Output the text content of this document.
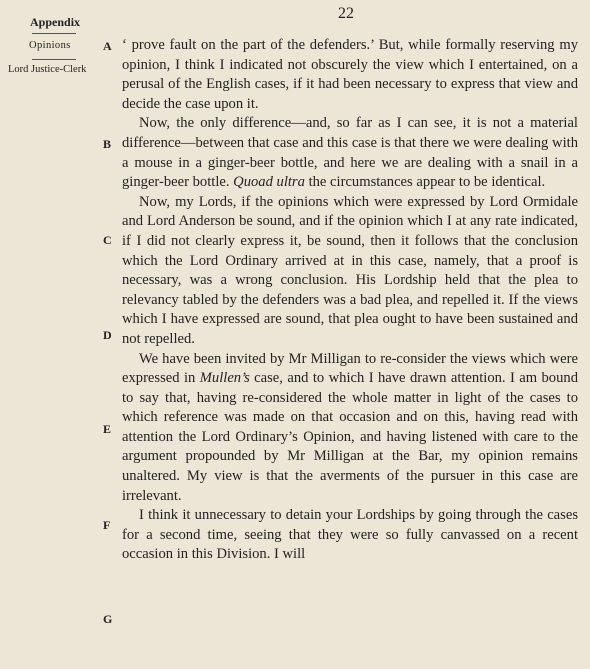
Appendix	22
Opinions
Lord Justice-Clerk
A
B
C
D
E
F
G

‘ prove fault on the part of the defenders.’ But, while formally reserving my opinion, I think I indicated not obscurely the view which I entertained, on a perusal of the English cases, if it had been necessary to express that view and decide the case upon it.

Now, the only difference—and, so far as I can see, it is not a material difference—between that case and this case is that there we were dealing with a mouse in a ginger-beer bottle, and here we are dealing with a snail in a ginger-beer bottle. Quoad ultra the circumstances appear to be identical.

Now, my Lords, if the opinions which were expressed by Lord Ormidale and Lord Anderson be sound, and if the opinion which I at any rate indicated, if I did not clearly express it, be sound, then it follows that the conclusion which the Lord Ordinary arrived at in this case, namely, that a proof is necessary, was a wrong conclusion. His Lordship held that the plea to relevancy tabled by the defenders was a bad plea, and repelled it. If the views which I have expressed are sound, that plea ought to have been sustained and not repelled.

We have been invited by Mr Milligan to re-consider the views which were expressed in Mullen’s case, and to which I have drawn attention. I am bound to say that, having re-considered the whole matter in light of the cases to which reference was made on that occasion and on this, having read with attention the Lord Ordinary’s Opinion, and having listened with care to the argument propounded by Mr Milligan at the Bar, my opinion remains unaltered. My view is that the averments of the pursuer in this case are irrelevant.

I think it unnecessary to detain your Lordships by going through the cases for a second time, seeing that they were so fully canvassed on a recent occasion in this Division. I will
